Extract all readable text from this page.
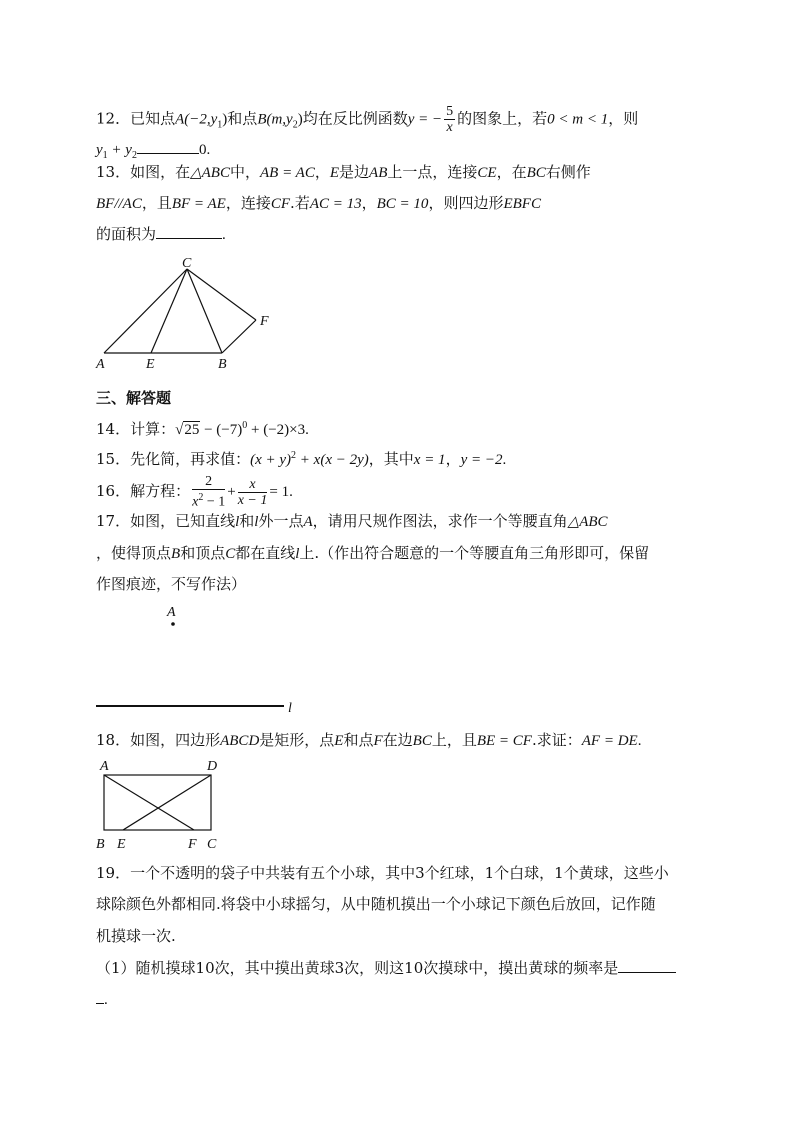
12．已知点$A(-2,y_1)$和点$B(m,y_2)$均在反比例函数y = − $\frac{5}{x}$ 的图象上，若0 < m < 1，则
$y_1 + y_2$	0.
13．如图，在△ABC中，AB = AC，E是边AB上一点，连接CE，在BC右侧作
BF//AC，且BF = AE，连接CF.若AC = 13，BC = 10，则四边形EBFC
的面积为	.
C
F
A	E	B
三、解答题
14．计算：$√25 - (-7)^0 + (-2)\times 3$.
15．先化简，再求值：$(x + y)^2 + x(x - 2y)$，其中x = 1，y = −2.
16．解方程： $\frac{2}{x^2 - 1} + \frac{x}{x - 1} = 1$.
17．如图，已知直线l和l外一点A，请用尺规作图法，求作一个等腰直角△ABC
，使得顶点B和顶点C都在直线l上.（作出符合题意的一个等腰直角三角形即可，保留
作图痕迹，不写作法）
A
l
18．如图，四边形ABCD是矩形，点E和点F在边BC上，且BE = CF.求证：AF = DE.
A	D
B E	F C
19．一个不透明的袋子中共装有五个小球，其中3个红球，1个白球，1个黄球，这些小
球除颜色外都相同.将袋中小球摇匀，从中随机摸出一个小球记下颜色后放回，记作随
机摸球一次.
（1）随机摸球10次，其中摸出黄球3次，则这10次摸球中，摸出黄球的频率是
.
